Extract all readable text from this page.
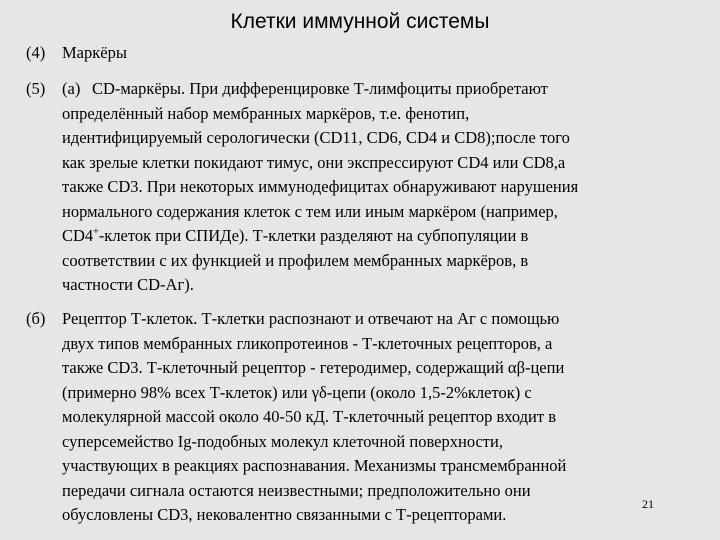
Клетки иммунной системы
(4)	Маркёры
(5)	(а) CD-маркёры. При дифференцировке Т-лимфоциты приобретают
определённый набор мембранных маркёров, т.е. фенотип,
идентифицируемый серологически (CD11, CD6, CD4 и CD8);после того
как зрелые клетки покидают тимус, они экспрессируют CD4 или CD8,а
также CD3. При некоторых иммунодефицитах обнаруживают нарушения
нормального содержания клеток с тем или иным маркёром (например,
CD4+-клеток при СПИДе). Т-клетки разделяют на субпопуляции в
соответствии с их функцией и профилем мембранных маркёров, в
частности CD-Аг).
(б)	Рецептор Т-клеток. Т-клетки распознают и отвечают на Аг с помощью
двух типов мембранных гликопротеинов - Т-клеточных рецепторов, а
также CD3. Т-клеточный рецептор - гетеродимер, содержащий αβ-цепи
(примерно 98% всех Т-клеток) или γδ-цепи (около 1,5-2%клеток) с
молекулярной массой около 40-50 кД. Т-клеточный рецептор входит в
суперсемейство Ig-подобных молекул клеточной поверхности,
участвующих в реакциях распознавания. Механизмы трансмембранной
передачи сигнала остаются неизвестными; предположительно они
обусловлены CD3, нековалентно связанными с Т-рецепторами.
21
